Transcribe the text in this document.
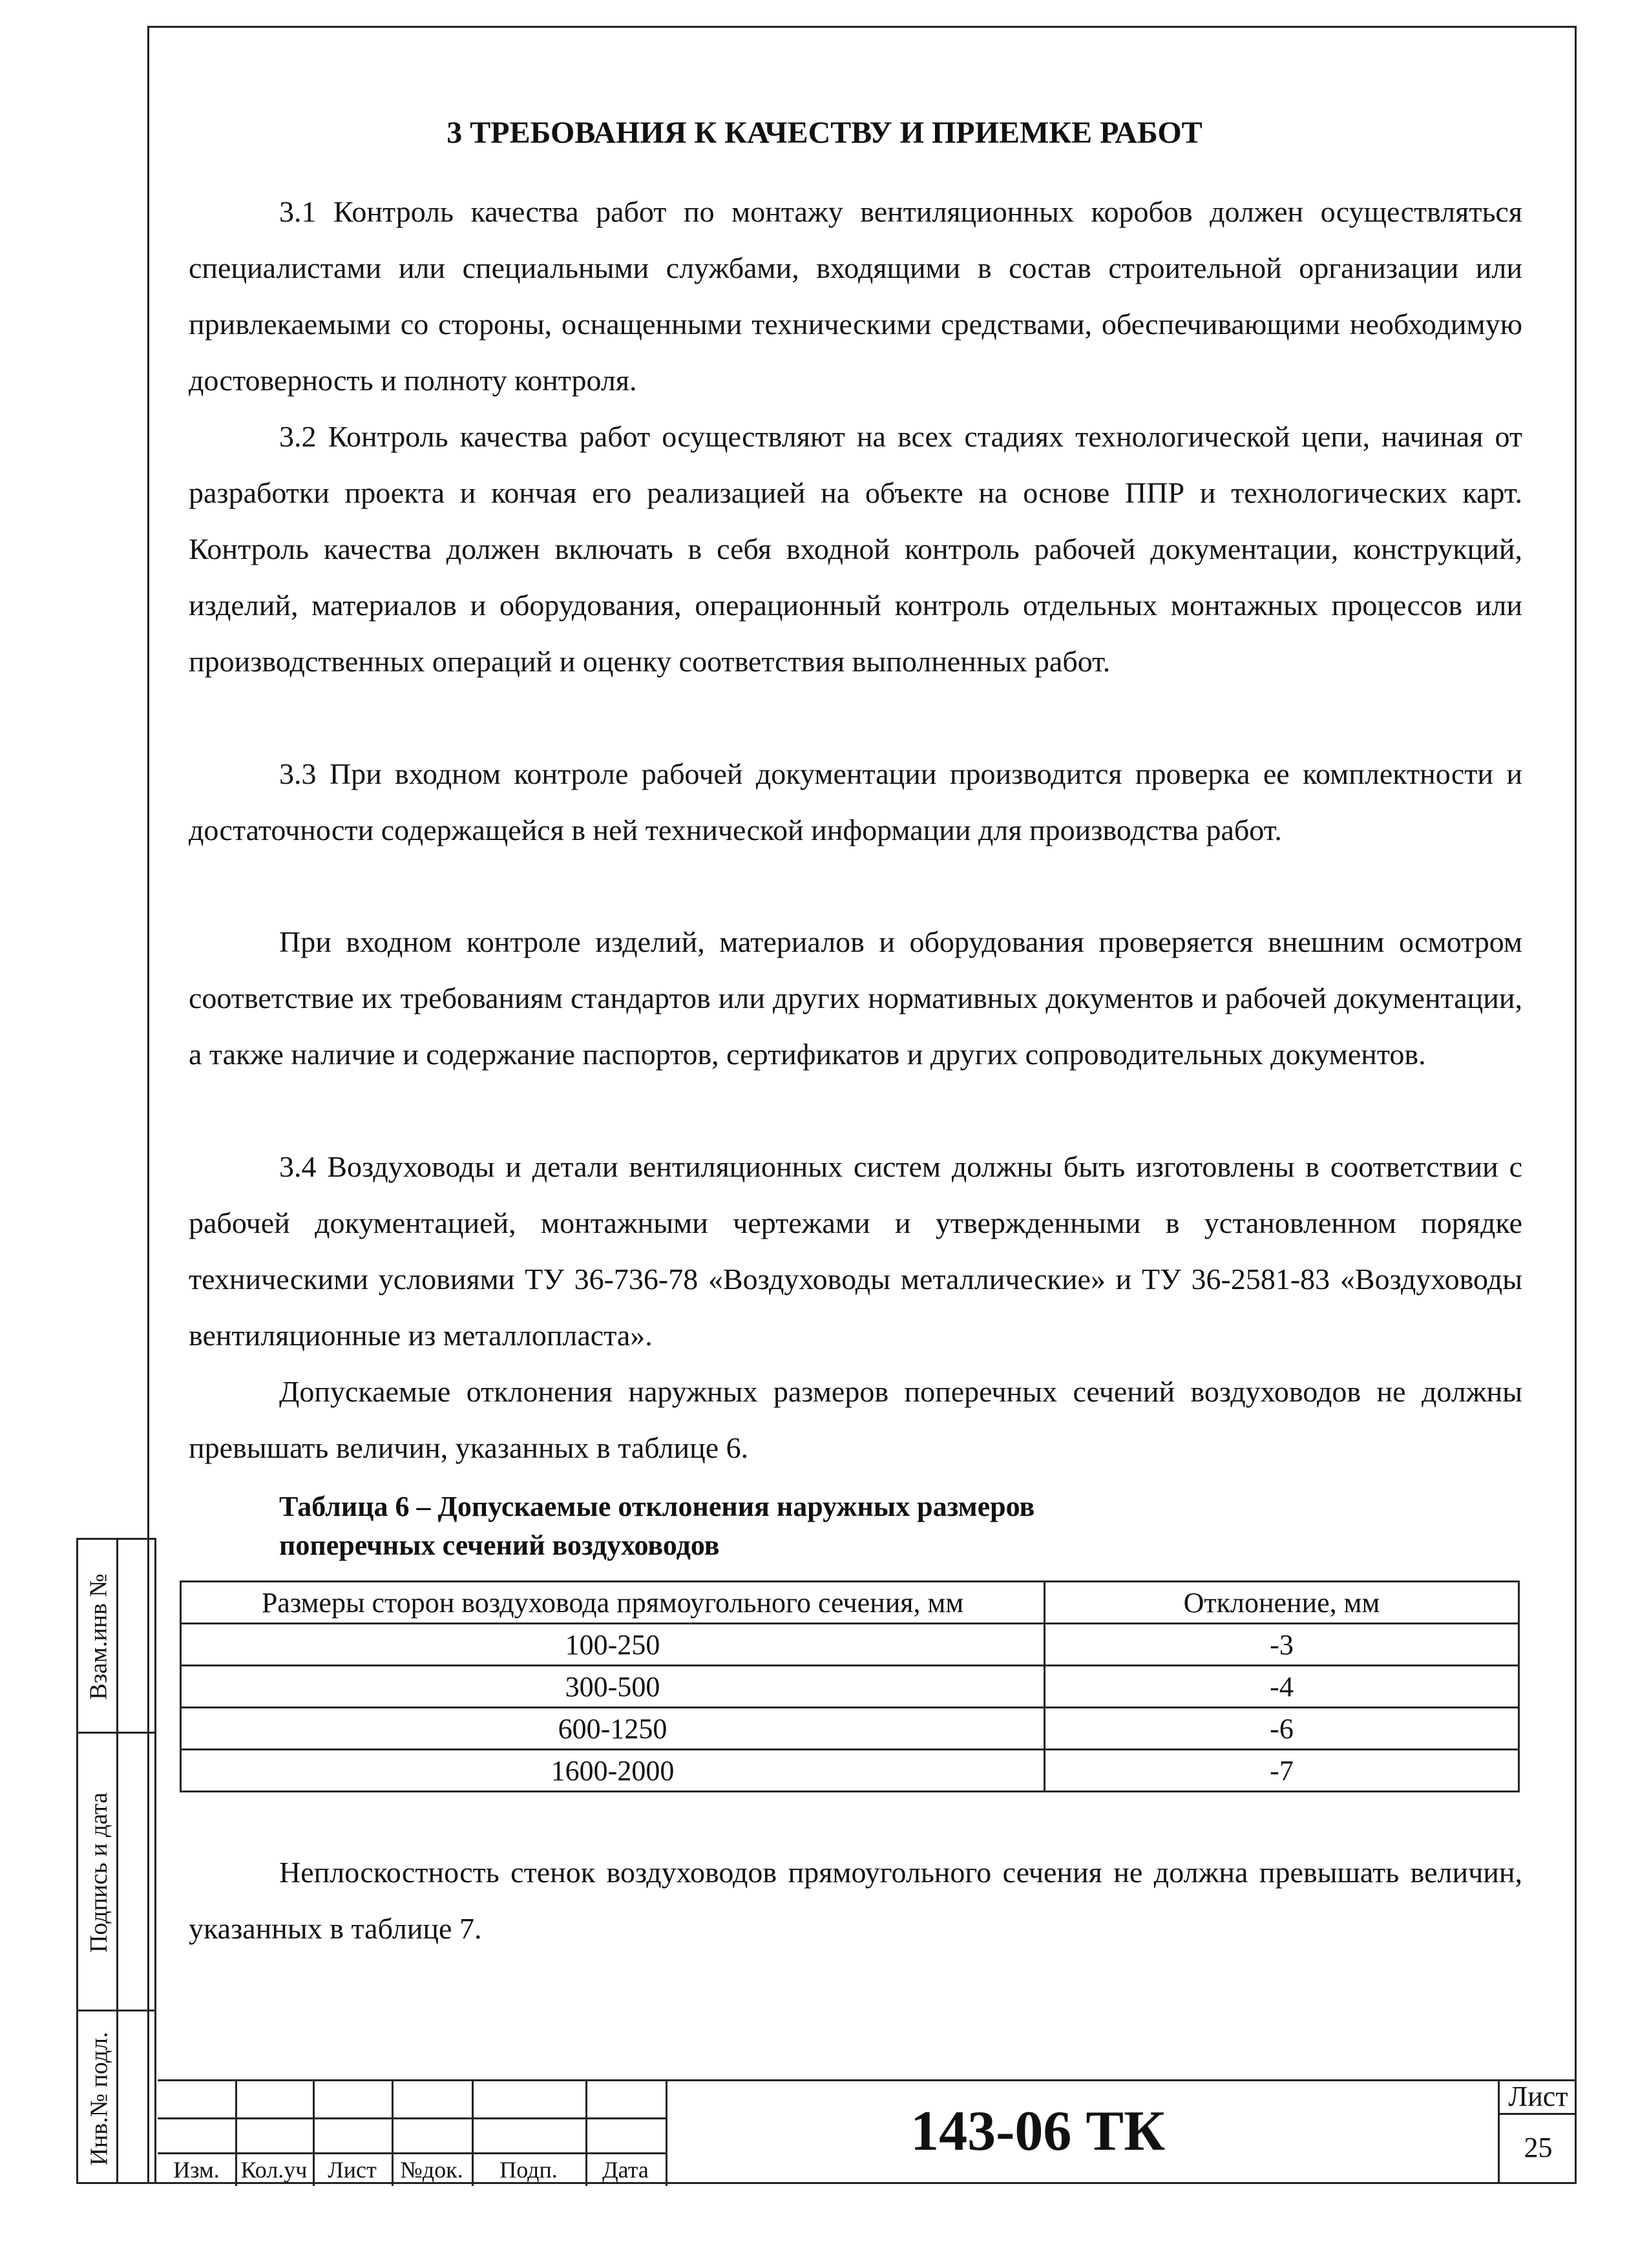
Взам.инв №
Подпись и дата
Инв.№ подл.
3 ТРЕБОВАНИЯ К КАЧЕСТВУ И ПРИЕМКЕ РАБОТ

3.1 Контроль качества работ по монтажу вентиляционных коробов должен осуществляться специалистами или специальными службами, входящими в состав строительной организации или привлекаемыми со стороны, оснащенными техническими средствами, обеспечивающими необходимую достоверность и полноту контроля.

3.2 Контроль качества работ осуществляют на всех стадиях технологической цепи, начиная от разработки проекта и кончая его реализацией на объекте на основе ППР и технологических карт. Контроль качества должен включать в себя входной контроль рабочей документации, конструкций, изделий, материалов и оборудования, операционный контроль отдельных монтажных процессов или производственных операций и оценку соответствия выполненных работ.

3.3 При входном контроле рабочей документации производится проверка ее комплектности и достаточности содержащейся в ней технической информации для производства работ.

При входном контроле изделий, материалов и оборудования проверяется внешним осмотром соответствие их требованиям стандартов или других нормативных документов и рабочей документации, а также наличие и содержание паспортов, сертификатов и других сопроводительных документов.

3.4 Воздуховоды и детали вентиляционных систем должны быть изготовлены в соответствии с рабочей документацией, монтажными чертежами и утвержденными в установленном порядке техническими условиями ТУ 36-736-78 «Воздуховоды металлические» и ТУ 36-2581-83 «Воздуховоды вентиляционные из металлопласта».

Допускаемые отклонения наружных размеров поперечных сечений воздуховодов не должны превышать величин, указанных в таблице 6.

Таблица 6 – Допускаемые отклонения наружных размеров
поперечных сечений воздуховодов
Размеры сторон воздуховода прямоугольного сечения, мм	Отклонение, мм
100-250	-3
300-500	-4
600-1250	-6
1600-2000	-7

Неплоскостность стенок воздуховодов прямоугольного сечения не должна превышать величин, указанных в таблице 7.

Изм. Кол.уч Лист	№док.	Подп.	Дата
143-06 ТК
Лист
25
